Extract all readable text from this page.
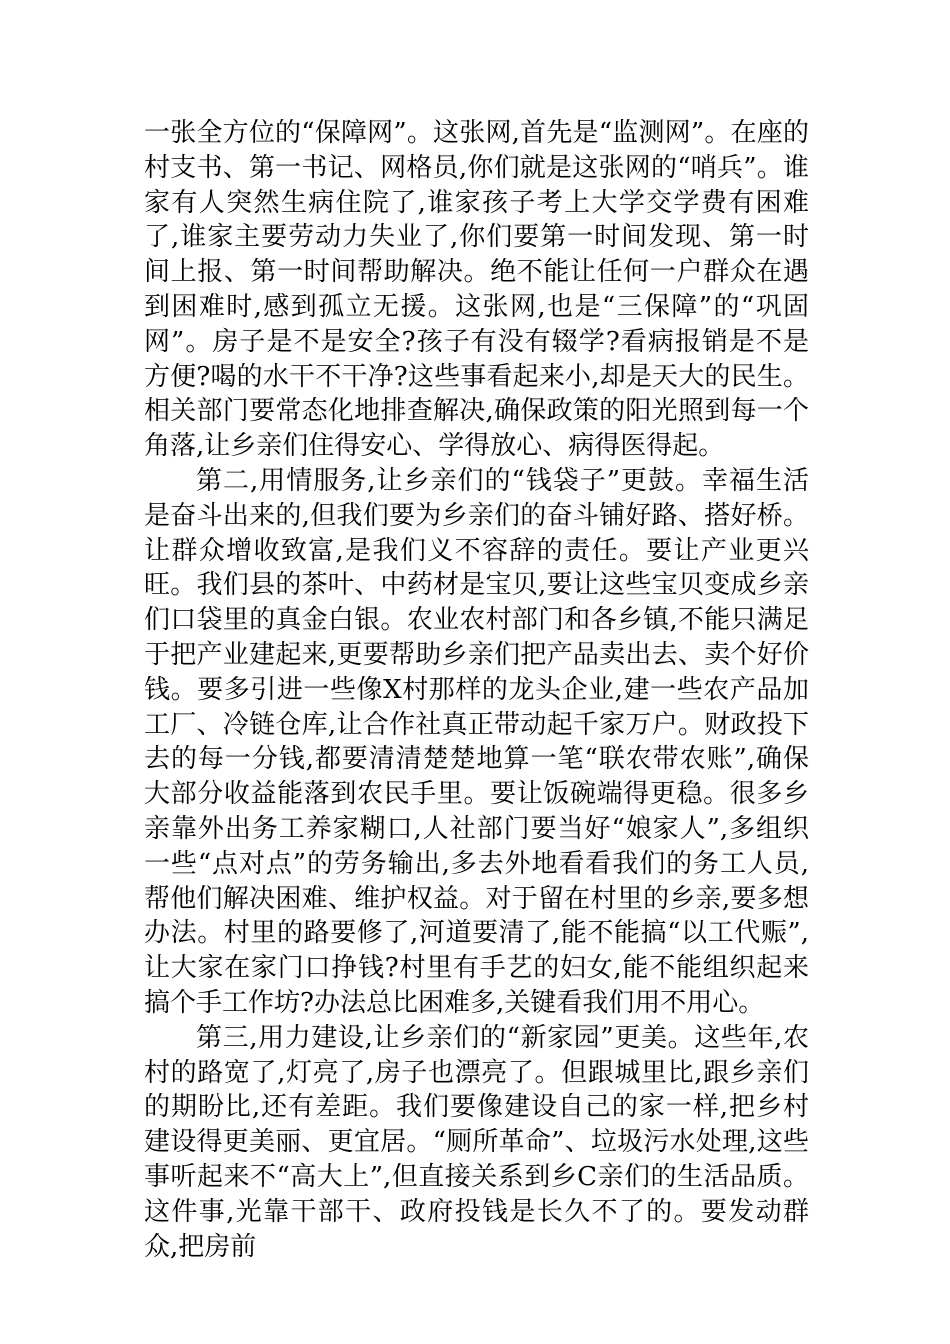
一张全方位的“保障网”。这张网,首先是“监测网”。在座的村支书、第一书记、网格员,你们就是这张网的“哨兵”。谁家有人突然生病住院了,谁家孩子考上大学交学费有困难了,谁家主要劳动力失业了,你们要第一时间发现、第一时间上报、第一时间帮助解决。绝不能让任何一户群众在遇到困难时,感到孤立无援。这张网,也是“三保障”的“巩固网”。房子是不是安全?孩子有没有辍学?看病报销是不是方便?喝的水干不干净?这些事看起来小,却是天大的民生。相关部门要常态化地排查解决,确保政策的阳光照到每一个角落,让乡亲们住得安心、学得放心、病得医得起。

第二,用情服务,让乡亲们的“钱袋子”更鼓。幸福生活是奋斗出来的,但我们要为乡亲们的奋斗铺好路、搭好桥。让群众增收致富,是我们义不容辞的责任。要让产业更兴旺。我们县的茶叶、中药材是宝贝,要让这些宝贝变成乡亲们口袋里的真金白银。农业农村部门和各乡镇,不能只满足于把产业建起来,更要帮助乡亲们把产品卖出去、卖个好价钱。要多引进一些像X村那样的龙头企业,建一些农产品加工厂、冷链仓库,让合作社真正带动起千家万户。财政投下去的每一分钱,都要清清楚楚地算一笔“联农带农账”,确保大部分收益能落到农民手里。要让饭碗端得更稳。很多乡亲靠外出务工养家糊口,人社部门要当好“娘家人”,多组织一些“点对点”的劳务输出,多去外地看看我们的务工人员,帮他们解决困难、维护权益。对于留在村里的乡亲,要多想办法。村里的路要修了,河道要清了,能不能搞“以工代赈”,让大家在家门口挣钱?村里有手艺的妇女,能不能组织起来搞个手工作坊?办法总比困难多,关键看我们用不用心。

第三,用力建设,让乡亲们的“新家园”更美。这些年,农村的路宽了,灯亮了,房子也漂亮了。但跟城里比,跟乡亲们的期盼比,还有差距。我们要像建设自己的家一样,把乡村建设得更美丽、更宜居。“厕所革命”、垃圾污水处理,这些事听起来不“高大上”,但直接关系到乡C亲们的生活品质。这件事,光靠干部干、政府投钱是长久不了的。要发动群众,把房前
